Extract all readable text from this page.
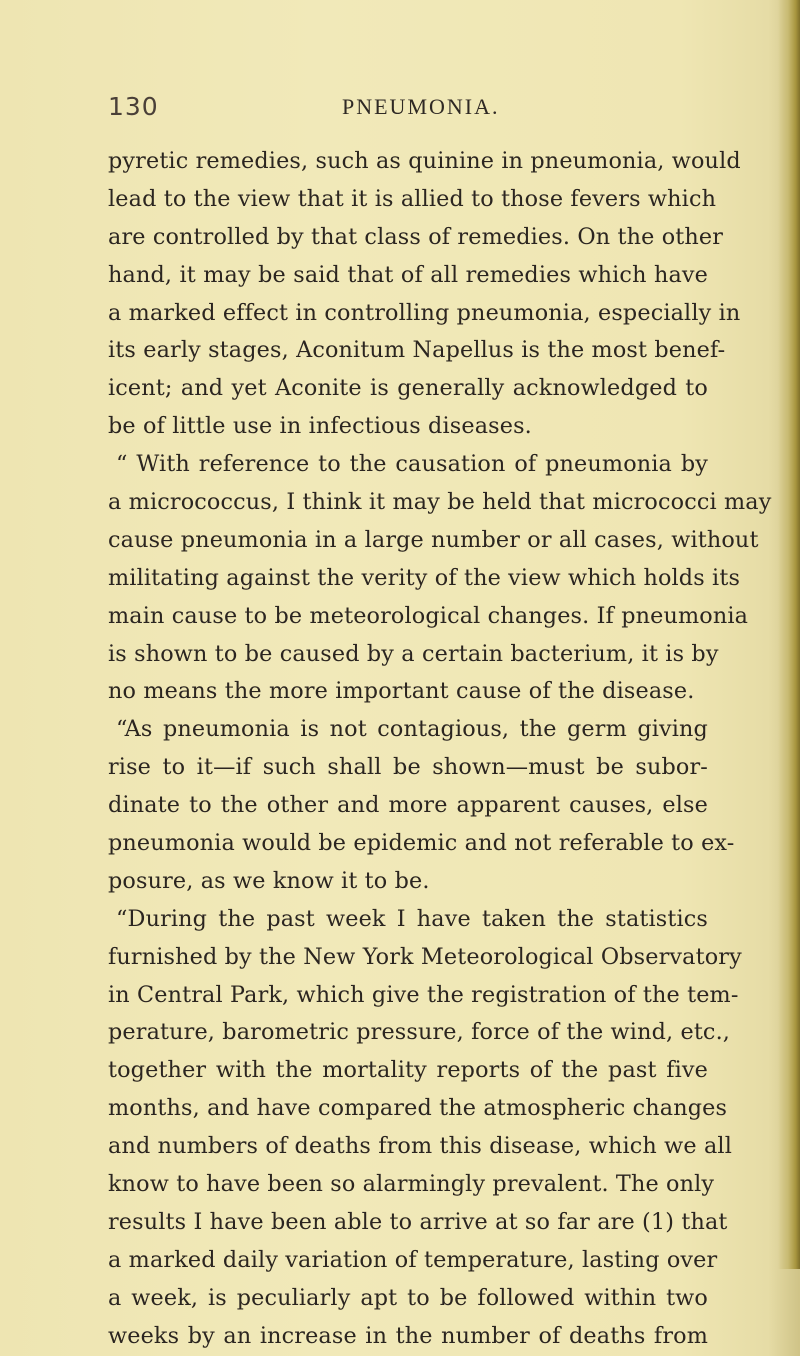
130	PNEUMONIA.
pyretic remedies, such as quinine in pneumonia, would
lead to the view that it is allied to those fevers which
are controlled by that class of remedies. On the other
hand, it may be said that of all remedies which have
a marked effect in controlling pneumonia, especially in
its early stages, Aconitum Napellus is the most benef-
icent; and yet Aconite is generally acknowledged to
be of little use in infectious diseases.
“ With reference to the causation of pneumonia by
a micrococcus, I think it may be held that micrococci may
cause pneumonia in a large number or all cases, without
militating against the verity of the view which holds its
main cause to be meteorological changes. If pneumonia
is shown to be caused by a certain bacterium, it is by
no means the more important cause of the disease.
“As pneumonia is not contagious, the germ giving
rise to it—if such shall be shown—must be subor-
dinate to the other and more apparent causes, else
pneumonia would be epidemic and not referable to ex-
posure, as we know it to be.
“During the past week I have taken the statistics
furnished by the New York Meteorological Observatory
in Central Park, which give the registration of the tem-
perature, barometric pressure, force of the wind, etc.,
together with the mortality reports of the past five
months, and have compared the atmospheric changes
and numbers of deaths from this disease, which we all
know to have been so alarmingly prevalent. The only
results I have been able to arrive at so far are (1) that
a marked daily variation of temperature, lasting over
a week, is peculiarly apt to be followed within two
weeks by an increase in the number of deaths from
